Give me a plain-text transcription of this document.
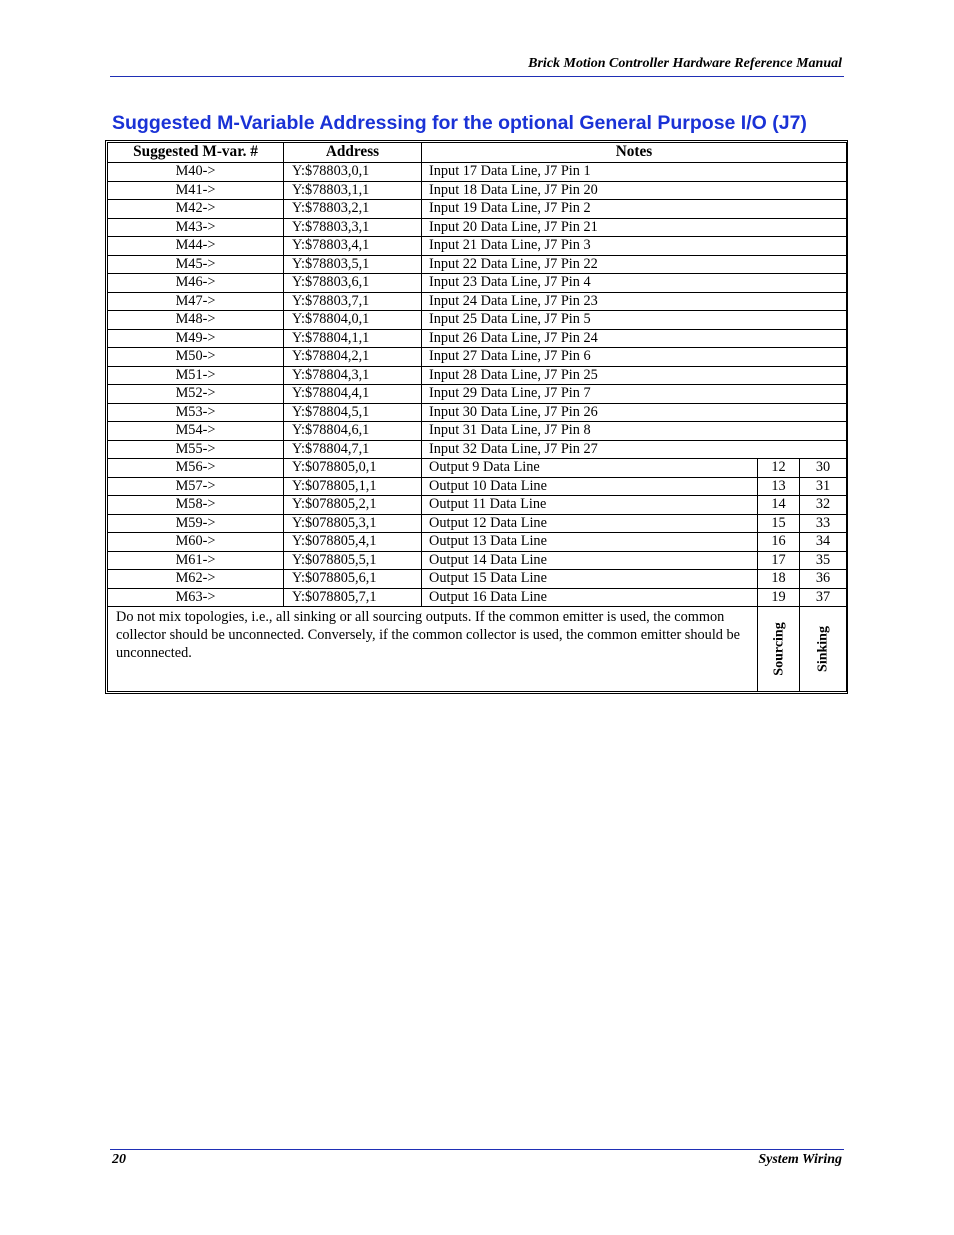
Brick Motion Controller Hardware Reference Manual
Suggested M-Variable Addressing for the optional General Purpose I/O (J7)
Suggested M-var. #	Address	Notes		
M40->	Y:$78803,0,1	Input 17 Data Line, J7 Pin 1		
M41->	Y:$78803,1,1	Input 18 Data Line, J7 Pin 20		
M42->	Y:$78803,2,1	Input 19 Data Line, J7 Pin 2		
M43->	Y:$78803,3,1	Input 20 Data Line, J7 Pin 21		
M44->	Y:$78803,4,1	Input 21 Data Line, J7 Pin 3		
M45->	Y:$78803,5,1	Input 22 Data Line, J7 Pin 22		
M46->	Y:$78803,6,1	Input 23 Data Line, J7 Pin 4		
M47->	Y:$78803,7,1	Input 24 Data Line, J7 Pin 23		
M48->	Y:$78804,0,1	Input 25 Data Line, J7 Pin 5		
M49->	Y:$78804,1,1	Input 26 Data Line, J7 Pin 24		
M50->	Y:$78804,2,1	Input 27 Data Line, J7 Pin 6		
M51->	Y:$78804,3,1	Input 28 Data Line, J7 Pin 25		
M52->	Y:$78804,4,1	Input 29 Data Line, J7 Pin 7		
M53->	Y:$78804,5,1	Input 30 Data Line, J7 Pin 26		
M54->	Y:$78804,6,1	Input 31 Data Line, J7 Pin 8		
M55->	Y:$78804,7,1	Input 32 Data Line, J7 Pin 27		
M56->	Y:$078805,0,1	Output 9 Data Line	12	30
M57->	Y:$078805,1,1	Output 10 Data Line	13	31
M58->	Y:$078805,2,1	Output 11 Data Line	14	32
M59->	Y:$078805,3,1	Output 12 Data Line	15	33
M60->	Y:$078805,4,1	Output 13 Data Line	16	34
M61->	Y:$078805,5,1	Output 14 Data Line	17	35
M62->	Y:$078805,6,1	Output 15 Data Line	18	36
M63->	Y:$078805,7,1	Output 16 Data Line	19	37
Do not mix topologies, i.e., all sinking or all sourcing outputs. If the common emitter is used, the common collector should be unconnected. Conversely, if the common collector is used, the common emitter should be unconnected.			Sourcing	Sinking
20	System Wiring
